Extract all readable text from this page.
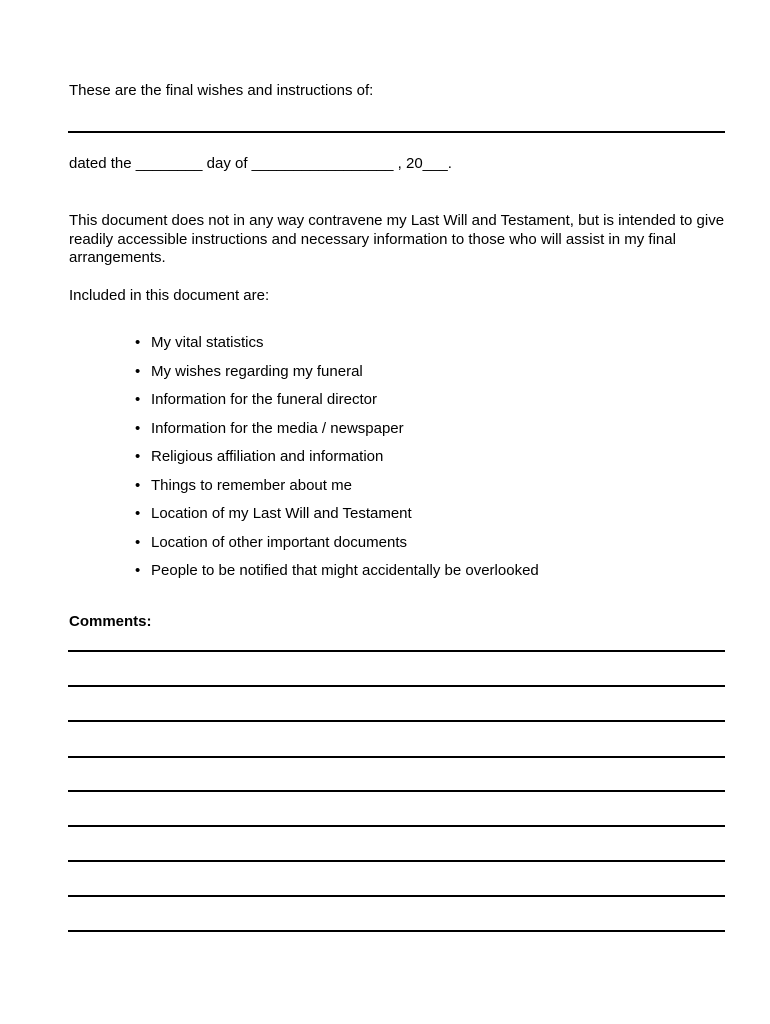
These are the final wishes and instructions of:

dated the ________ day of _________________ , 20___.

This document does not in any way contravene my Last Will and Testament, but is intended to give readily accessible instructions and necessary information to those who will assist in my final arrangements.

Included in this document are:

• My vital statistics
• My wishes regarding my funeral
• Information for the funeral director
• Information for the media / newspaper
• Religious affiliation and information
• Things to remember about me
• Location of my Last Will and Testament
• Location of other important documents
• People to be notified that might accidentally be overlooked

Comments:
